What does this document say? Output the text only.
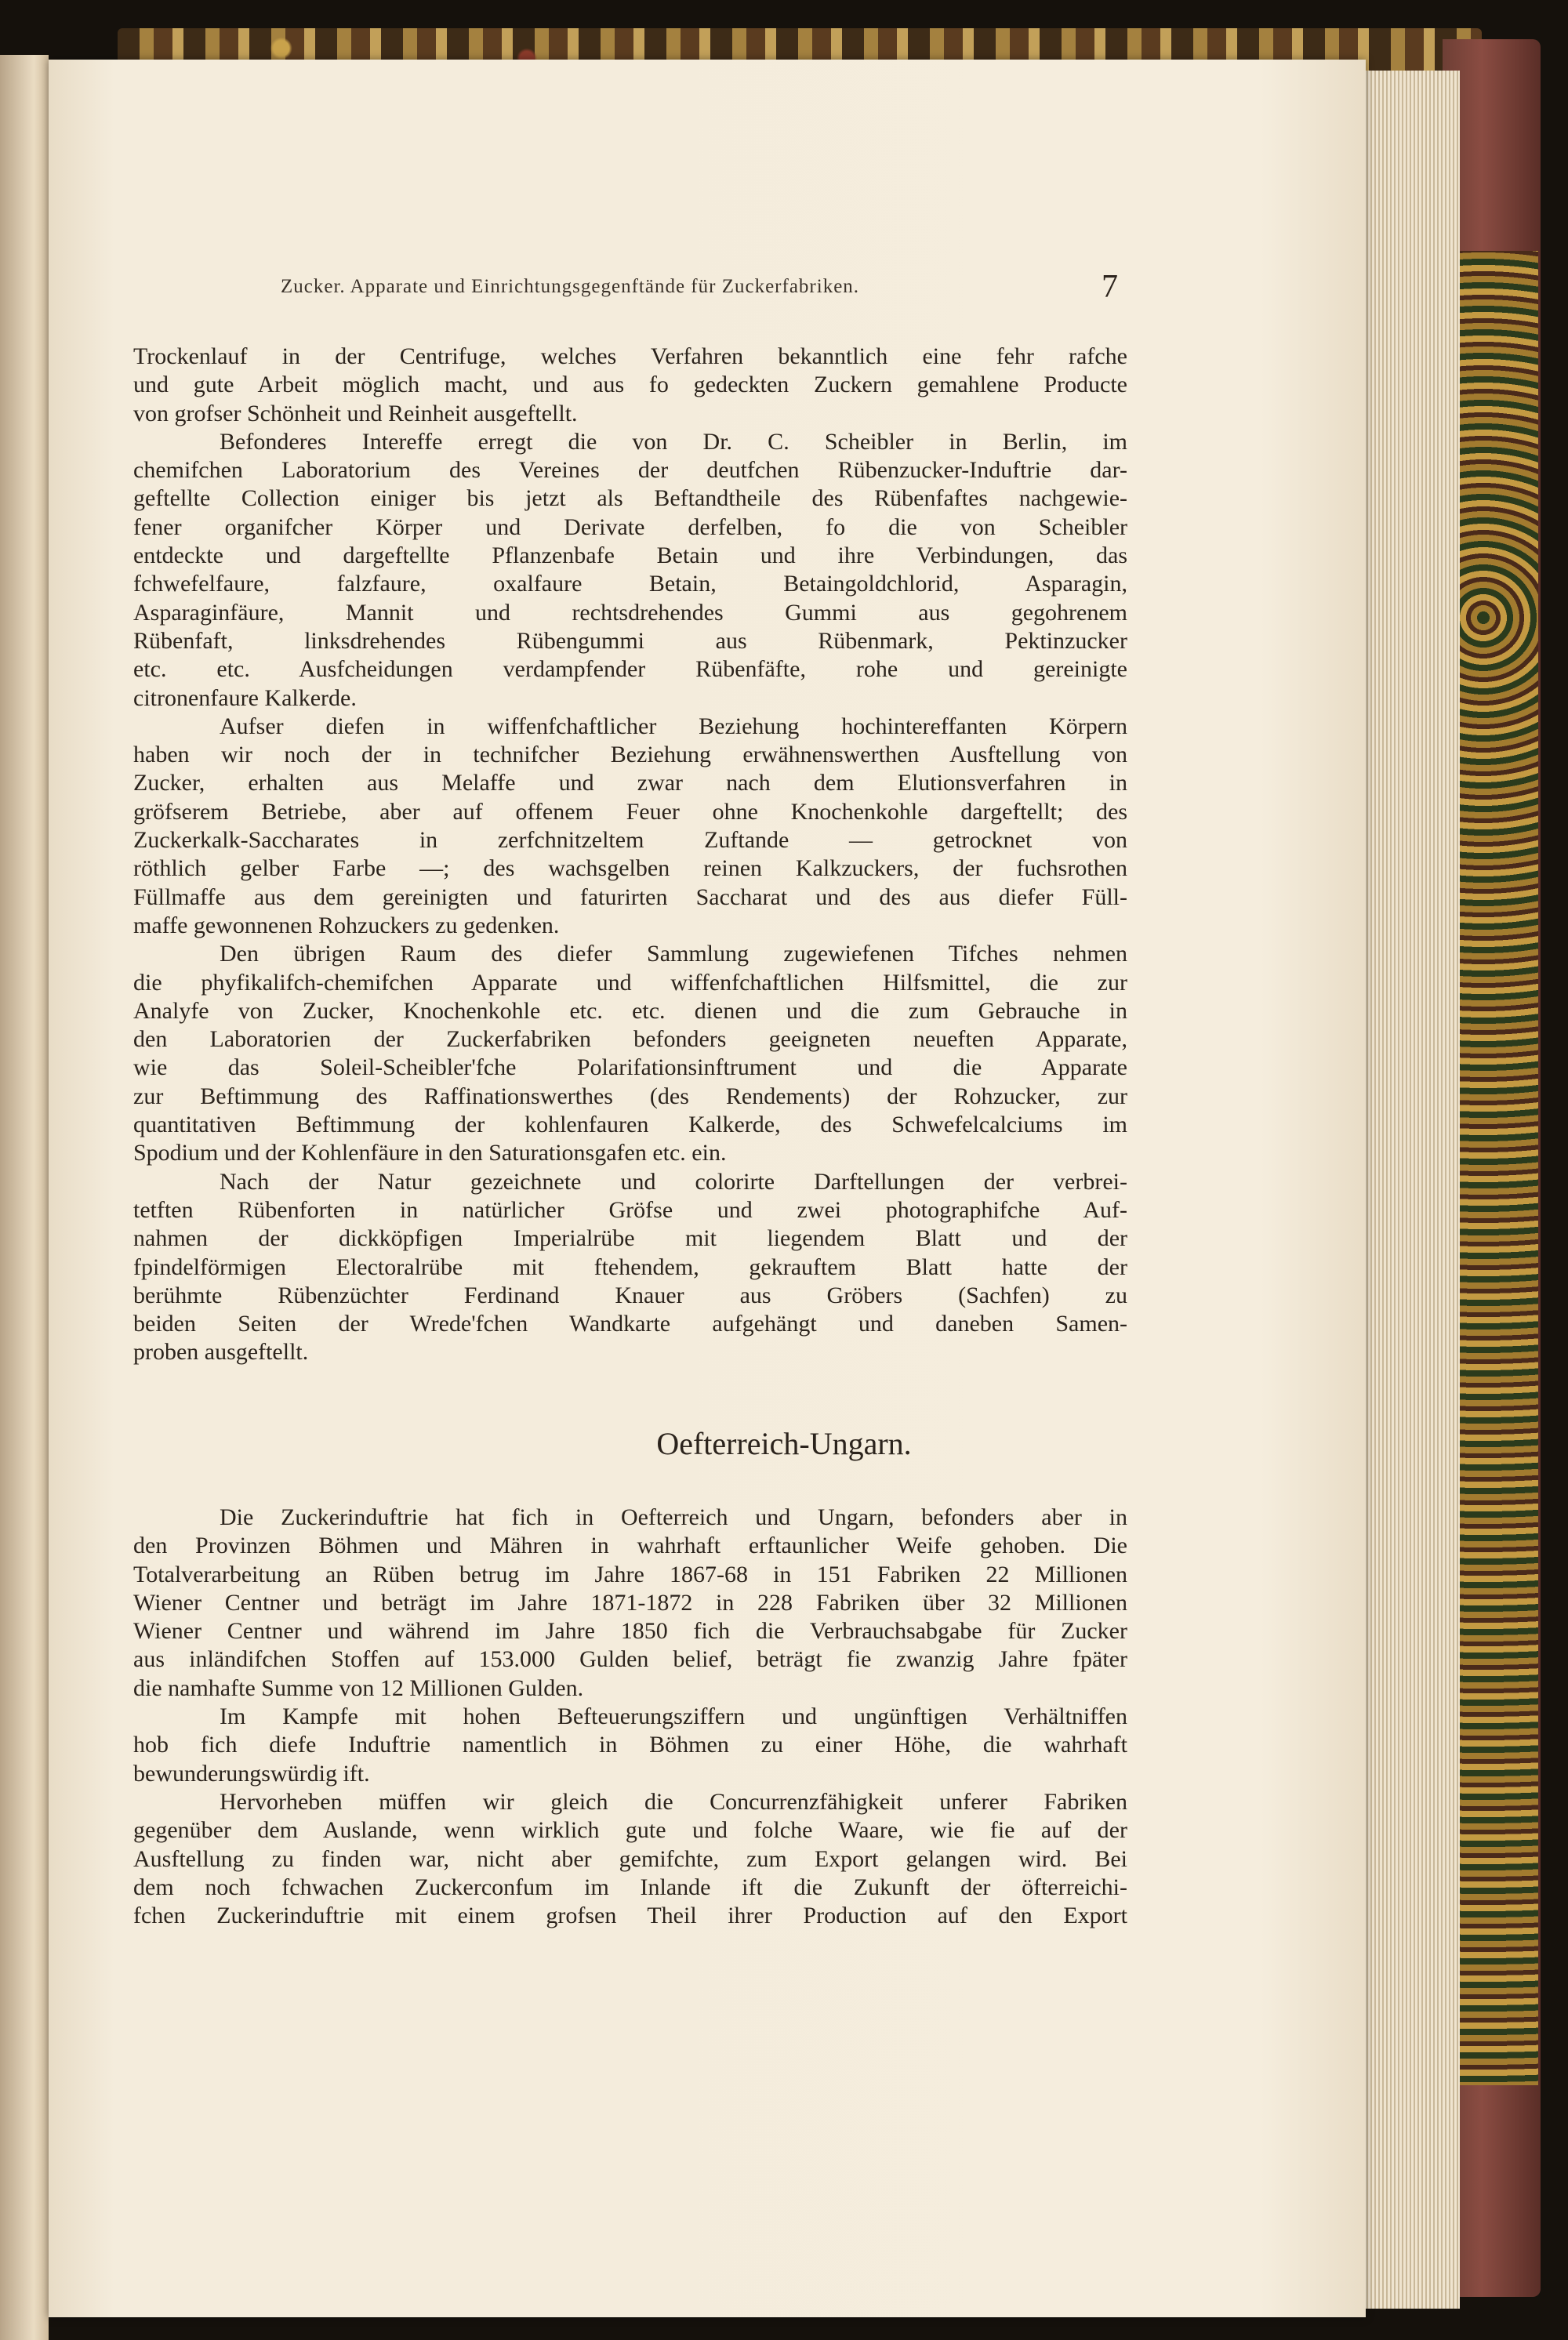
Zucker. Apparate und Einrichtungsgegenftände für Zuckerfabriken.	7
Trockenlauf in der Centrifuge, welches Verfahren bekanntlich eine fehr rafche
und gute Arbeit möglich macht, und aus fo gedeckten Zuckern gemahlene Producte
von grofser Schönheit und Reinheit ausgeftellt.
Befonderes Intereffe erregt die von Dr. C. Scheibler in Berlin, im
chemifchen Laboratorium des Vereines der deutfchen Rübenzucker-Induftrie dar-
geftellte Collection einiger bis jetzt als Beftandtheile des Rübenfaftes nachgewie-
fener organifcher Körper und Derivate derfelben, fo die von Scheibler
entdeckte und dargeftellte Pflanzenbafe Betain und ihre Verbindungen, das
fchwefelfaure, falzfaure, oxalfaure Betain, Betaingoldchlorid, Asparagin,
Asparaginfäure, Mannit und rechtsdrehendes Gummi aus gegohrenem
Rübenfaft, linksdrehendes Rübengummi aus Rübenmark, Pektinzucker
etc. etc. Ausfcheidungen verdampfender Rübenfäfte, rohe und gereinigte
citronenfaure Kalkerde.
Aufser diefen in wiffenfchaftlicher Beziehung hochintereffanten Körpern
haben wir noch der in technifcher Beziehung erwähnenswerthen Ausftellung von
Zucker, erhalten aus Melaffe und zwar nach dem Elutionsverfahren in
gröfserem Betriebe, aber auf offenem Feuer ohne Knochenkohle dargeftellt; des
Zuckerkalk-Saccharates in zerfchnitzeltem Zuftande — getrocknet von
röthlich gelber Farbe —; des wachsgelben reinen Kalkzuckers, der fuchsrothen
Füllmaffe aus dem gereinigten und faturirten Saccharat und des aus diefer Füll-
maffe gewonnenen Rohzuckers zu gedenken.
Den übrigen Raum des diefer Sammlung zugewiefenen Tifches nehmen
die phyfikalifch-chemifchen Apparate und wiffenfchaftlichen Hilfsmittel, die zur
Analyfe von Zucker, Knochenkohle etc. etc. dienen und die zum Gebrauche in
den Laboratorien der Zuckerfabriken befonders geeigneten neueften Apparate,
wie das Soleil-Scheibler'fche Polarifationsinftrument und die Apparate
zur Beftimmung des Raffinationswerthes (des Rendements) der Rohzucker, zur
quantitativen Beftimmung der kohlenfauren Kalkerde, des Schwefelcalciums im
Spodium und der Kohlenfäure in den Saturationsgafen etc. ein.
Nach der Natur gezeichnete und colorirte Darftellungen der verbrei-
tetften Rübenforten in natürlicher Gröfse und zwei photographifche Auf-
nahmen der dickköpfigen Imperialrübe mit liegendem Blatt und der
fpindelförmigen Electoralrübe mit ftehendem, gekrauftem Blatt hatte der
berühmte Rübenzüchter Ferdinand Knauer aus Gröbers (Sachfen) zu
beiden Seiten der Wrede'fchen Wandkarte aufgehängt und daneben Samen-
proben ausgeftellt.
Oefterreich-Ungarn.
Die Zuckerinduftrie hat fich in Oefterreich und Ungarn, befonders aber in
den Provinzen Böhmen und Mähren in wahrhaft erftaunlicher Weife gehoben. Die
Totalverarbeitung an Rüben betrug im Jahre 1867-68 in 151 Fabriken 22 Millionen
Wiener Centner und beträgt im Jahre 1871-1872 in 228 Fabriken über 32 Millionen
Wiener Centner und während im Jahre 1850 fich die Verbrauchsabgabe für Zucker
aus inländifchen Stoffen auf 153.000 Gulden belief, beträgt fie zwanzig Jahre fpäter
die namhafte Summe von 12 Millionen Gulden.
Im Kampfe mit hohen Befteuerungsziffern und ungünftigen Verhältniffen
hob fich diefe Induftrie namentlich in Böhmen zu einer Höhe, die wahrhaft
bewunderungswürdig ift.
Hervorheben müffen wir gleich die Concurrenzfähigkeit unferer Fabriken
gegenüber dem Auslande, wenn wirklich gute und folche Waare, wie fie auf der
Ausftellung zu finden war, nicht aber gemifchte, zum Export gelangen wird. Bei
dem noch fchwachen Zuckerconfum im Inlande ift die Zukunft der öfterreichi-
fchen Zuckerinduftrie mit einem grofsen Theil ihrer Production auf den Export
